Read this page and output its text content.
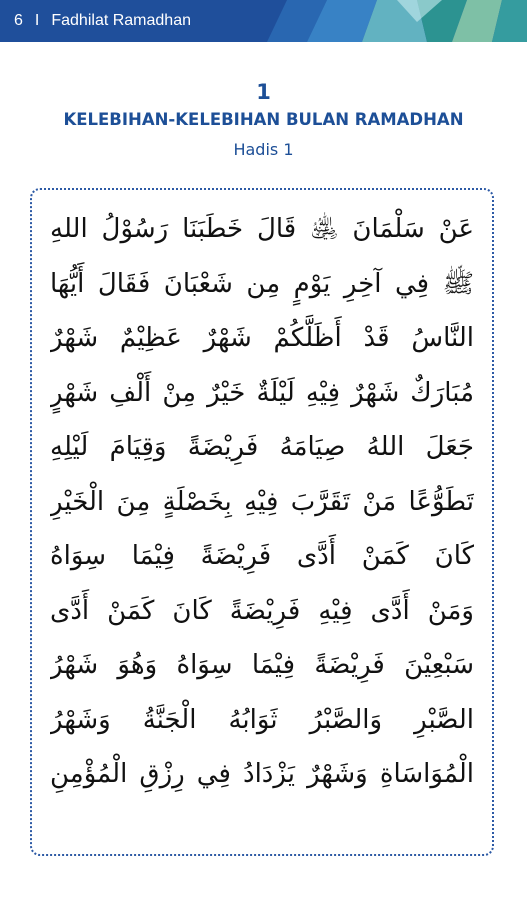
6 I Fadhilat Ramadhan
1
KELEBIHAN-KELEBIHAN BULAN RAMADHAN
Hadis 1
عَنْ سَلْمَانَ ﵁ قَالَ خَطَبَنَا رَسُوْلُ اللهِ
ﷺ فِي آخِرِ يَوْمٍ مِن شَعْبَانَ فَقَالَ أَيُّهَا
النَّاسُ قَدْ أَظَلَّكُمْ شَهْرٌ عَظِيْمٌ شَهْرٌ
مُبَارَكٌ شَهْرٌ فِيْهِ لَيْلَةٌ خَيْرٌ مِنْ أَلْفِ شَهْرٍ
جَعَلَ اللهُ صِيَامَهُ فَرِيْضَةً وَقِيَامَ لَيْلِهِ
تَطَوُّعًا مَنْ تَقَرَّبَ فِيْهِ بِخَصْلَةٍ مِنَ الْخَيْرِ
كَانَ كَمَنْ أَدَّى فَرِيْضَةً فِيْمَا سِوَاهُ
وَمَنْ أَدَّى فِيْهِ فَرِيْضَةً كَانَ كَمَنْ أَدَّى
سَبْعِيْنَ فَرِيْضَةً فِيْمَا سِوَاهُ وَهُوَ شَهْرُ
الصَّبْرِ وَالصَّبْرُ ثَوَابُهُ الْجَنَّةُ وَشَهْرُ
الْمُوَاسَاةِ وَشَهْرٌ يَزْدَادُ فِي رِزْقِ الْمُؤْمِنِ
